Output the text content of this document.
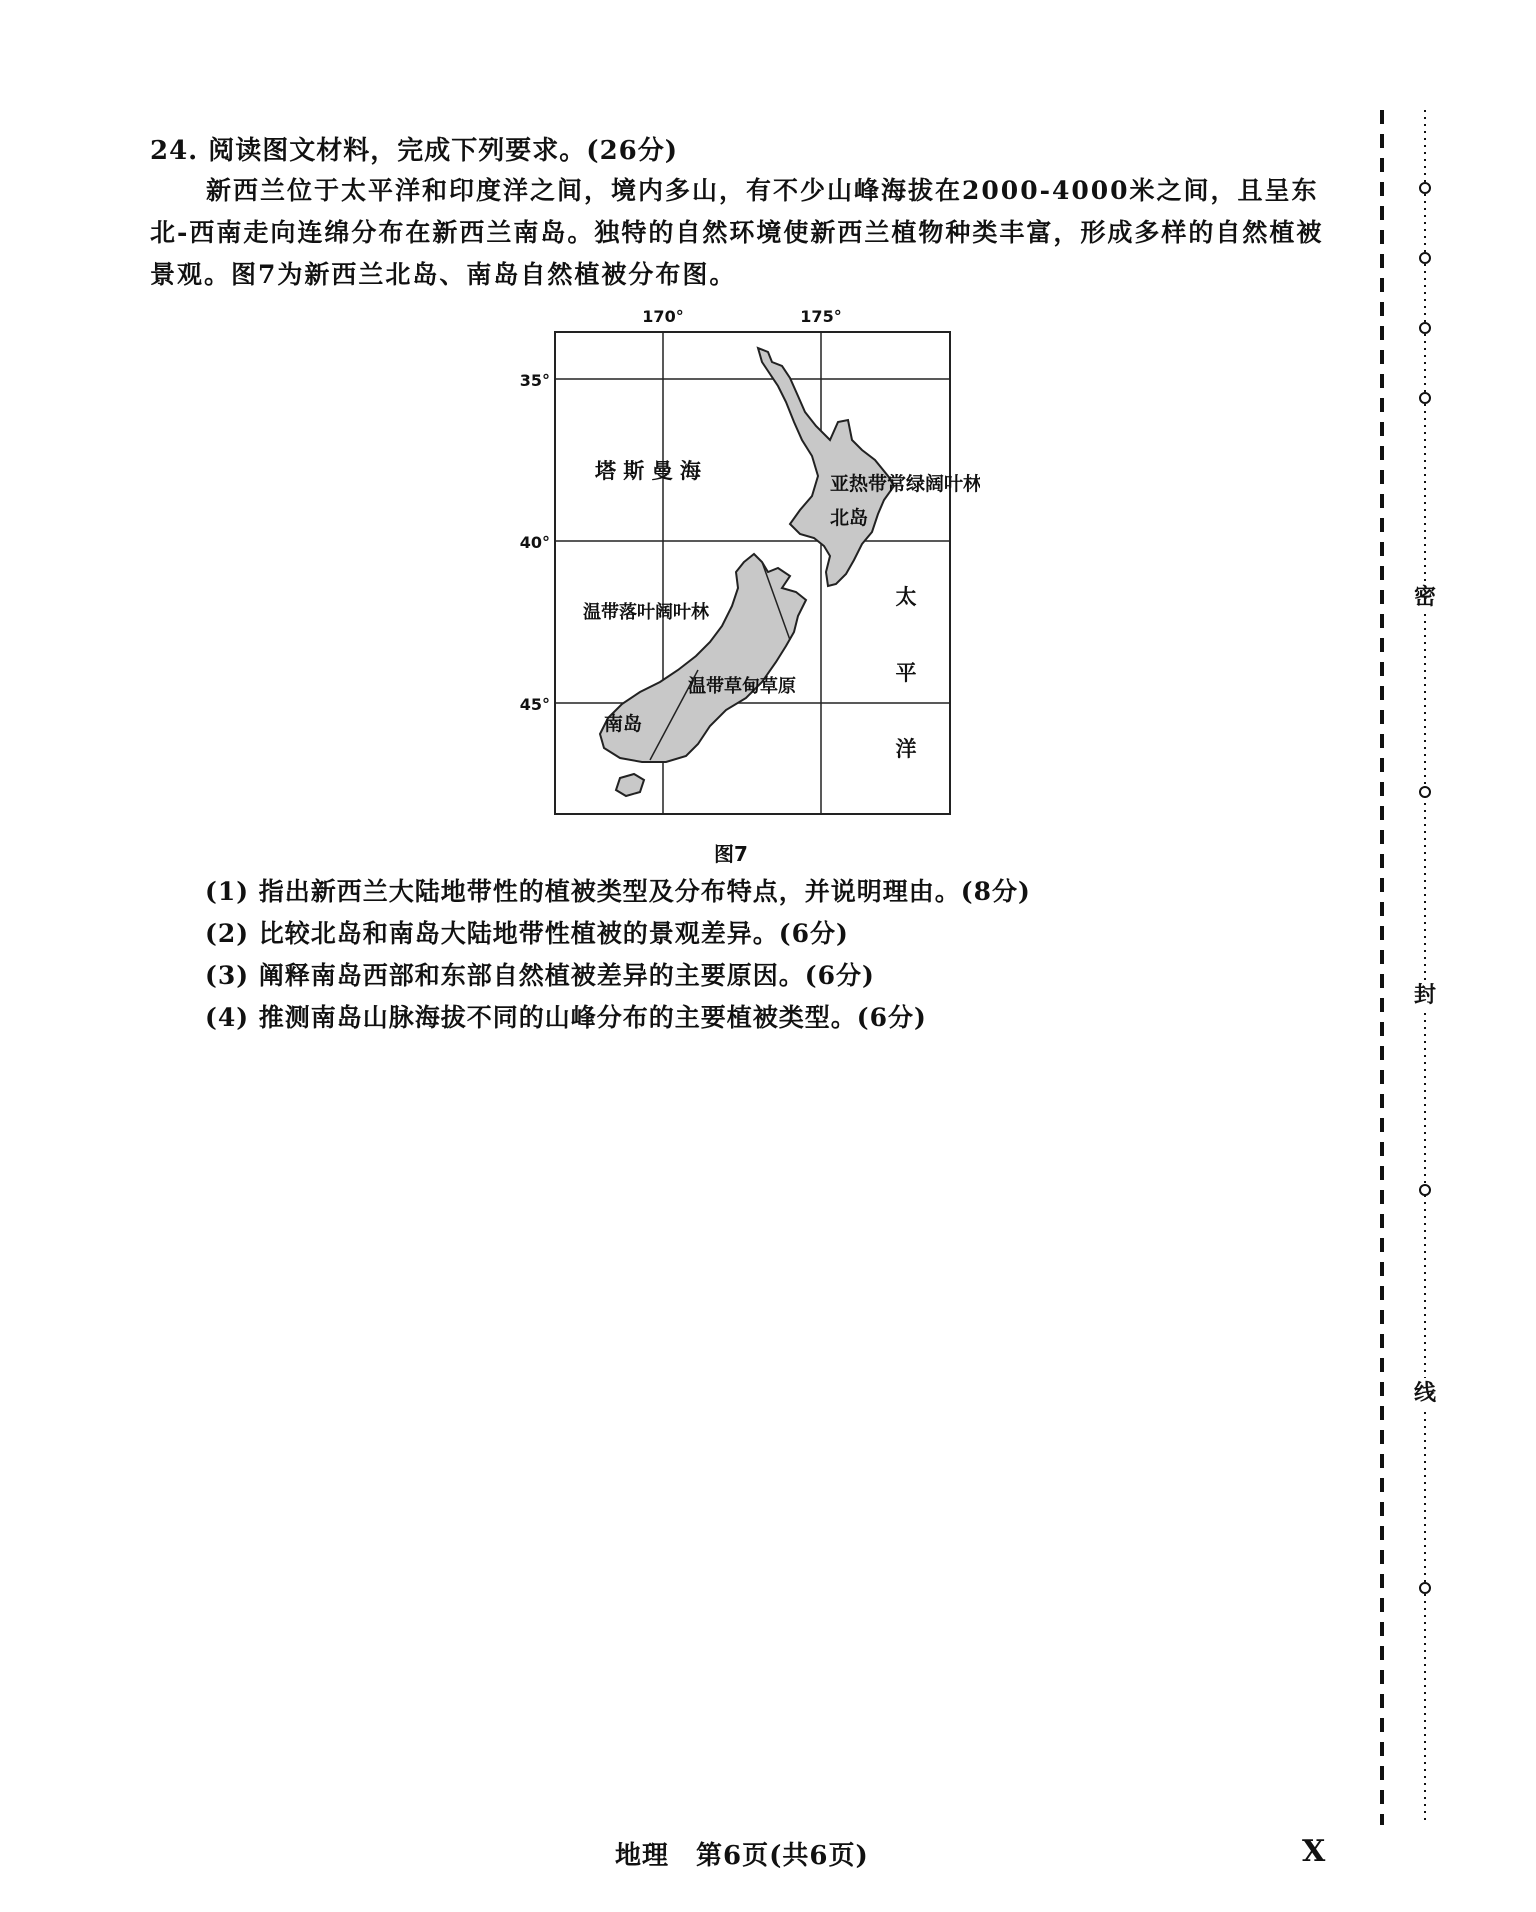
24. 阅读图文材料，完成下列要求。(26分)
新西兰位于太平洋和印度洋之间，境内多山，有不少山峰海拔在2000-4000米之间，且呈东北-西南走向连绵分布在新西兰南岛。独特的自然环境使新西兰植物种类丰富，形成多样的自然植被景观。图7为新西兰北岛、南岛自然植被分布图。
170°	175°
35°
40°
45°
塔 斯 曼 海
亚热带常绿阔叶林
北岛
温带落叶阔叶林
温带草甸草原
南岛
太
平
洋
图7
(1) 指出新西兰大陆地带性的植被类型及分布特点，并说明理由。(8分)
(2) 比较北岛和南岛大陆地带性植被的景观差异。(6分)
(3) 阐释南岛西部和东部自然植被差异的主要原因。(6分)
(4) 推测南岛山脉海拔不同的山峰分布的主要植被类型。(6分)
密
封
线
地理　第6页(共6页)	X
